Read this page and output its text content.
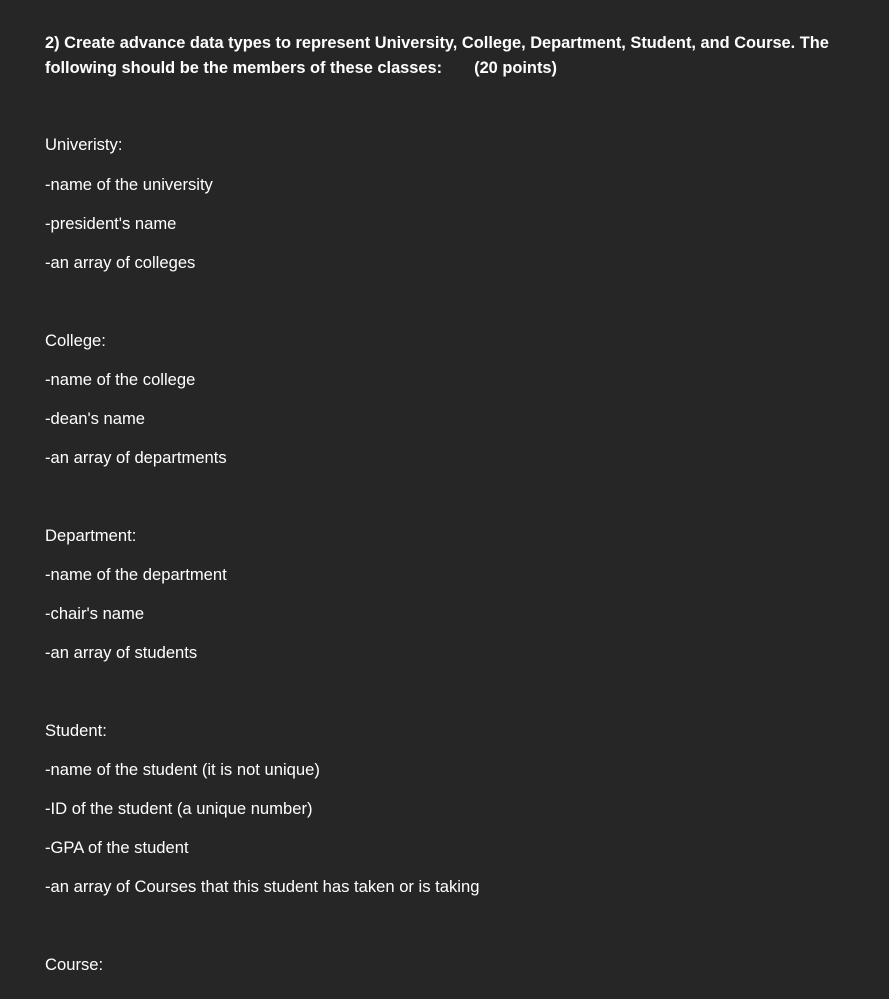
2) Create advance data types to represent University, College, Department, Student, and Course. The following should be the members of these classes: (20 points)

Univeristy:

-name of the university

-president's name

-an array of colleges

College:

-name of the college

-dean's name

-an array of departments

Department:

-name of the department

-chair's name

-an array of students

Student:

-name of the student (it is not unique)

-ID of the student (a unique number)

-GPA of the student

-an array of Courses that this student has taken or is taking

Course:
